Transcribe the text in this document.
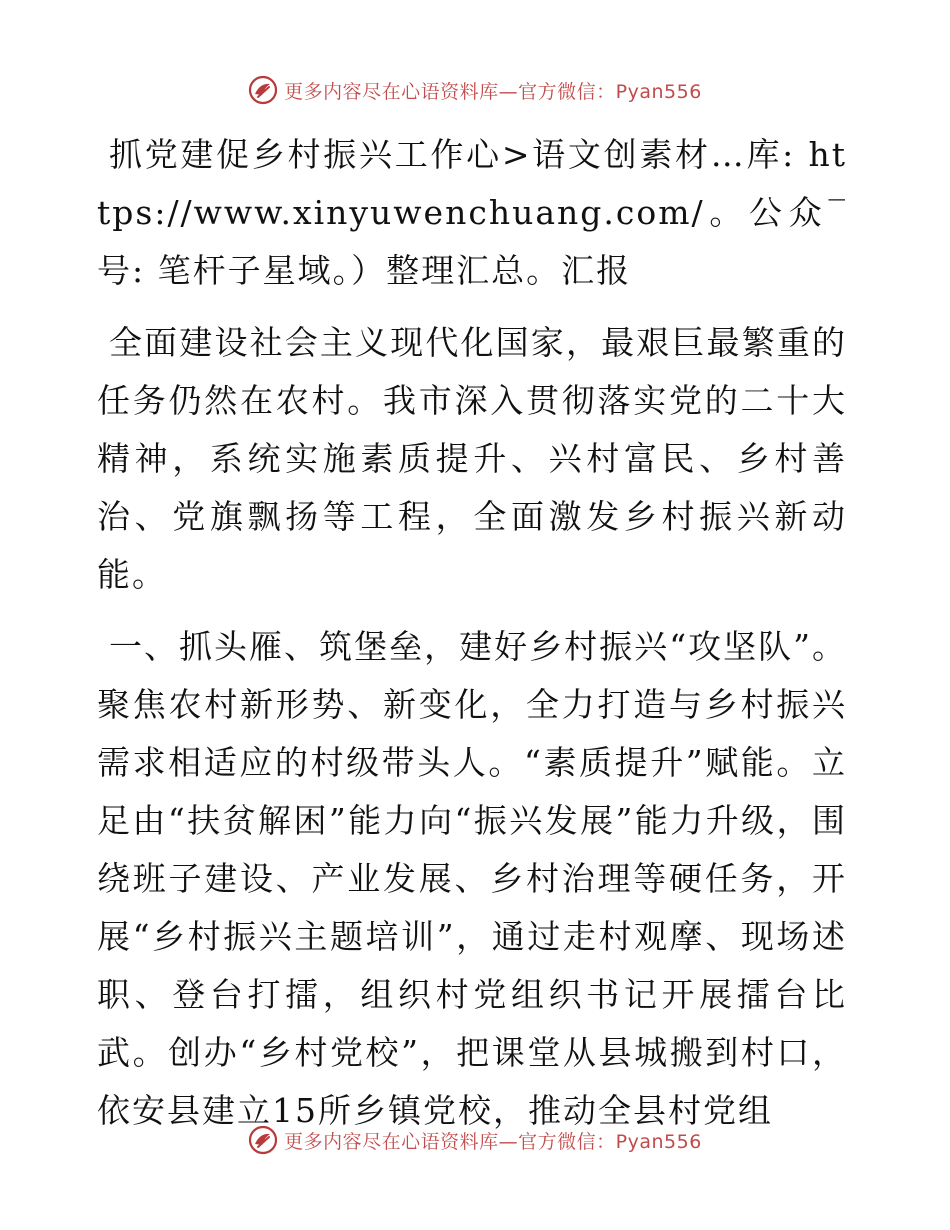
更多内容尽在心语资料库—官方微信：Pyan556

抓党建促乡村振兴工作心>语文创素材…库: https://www.xinyuwenchuang.com/。公众‾号: 笔杆子星域。）整理汇总。汇报

全面建设社会主义现代化国家，最艰巨最繁重的任务仍然在农村。我市深入贯彻落实党的二十大精神，系统实施素质提升、兴村富民、乡村善治、党旗飘扬等工程，全面激发乡村振兴新动能。

一、抓头雁、筑堡垒，建好乡村振兴“攻坚队”。聚焦农村新形势、新变化，全力打造与乡村振兴需求相适应的村级带头人。“素质提升”赋能。立足由“扶贫解困”能力向“振兴发展”能力升级，围绕班子建设、产业发展、乡村治理等硬任务，开展“乡村振兴主题培训”，通过走村观摩、现场述职、登台打擂，组织村党组织书记开展擂台比武。创办“乡村党校”，把课堂从县城搬到村口，依安县建立15所乡镇党校，推动全县村党组

更多内容尽在心语资料库—官方微信：Pyan556
